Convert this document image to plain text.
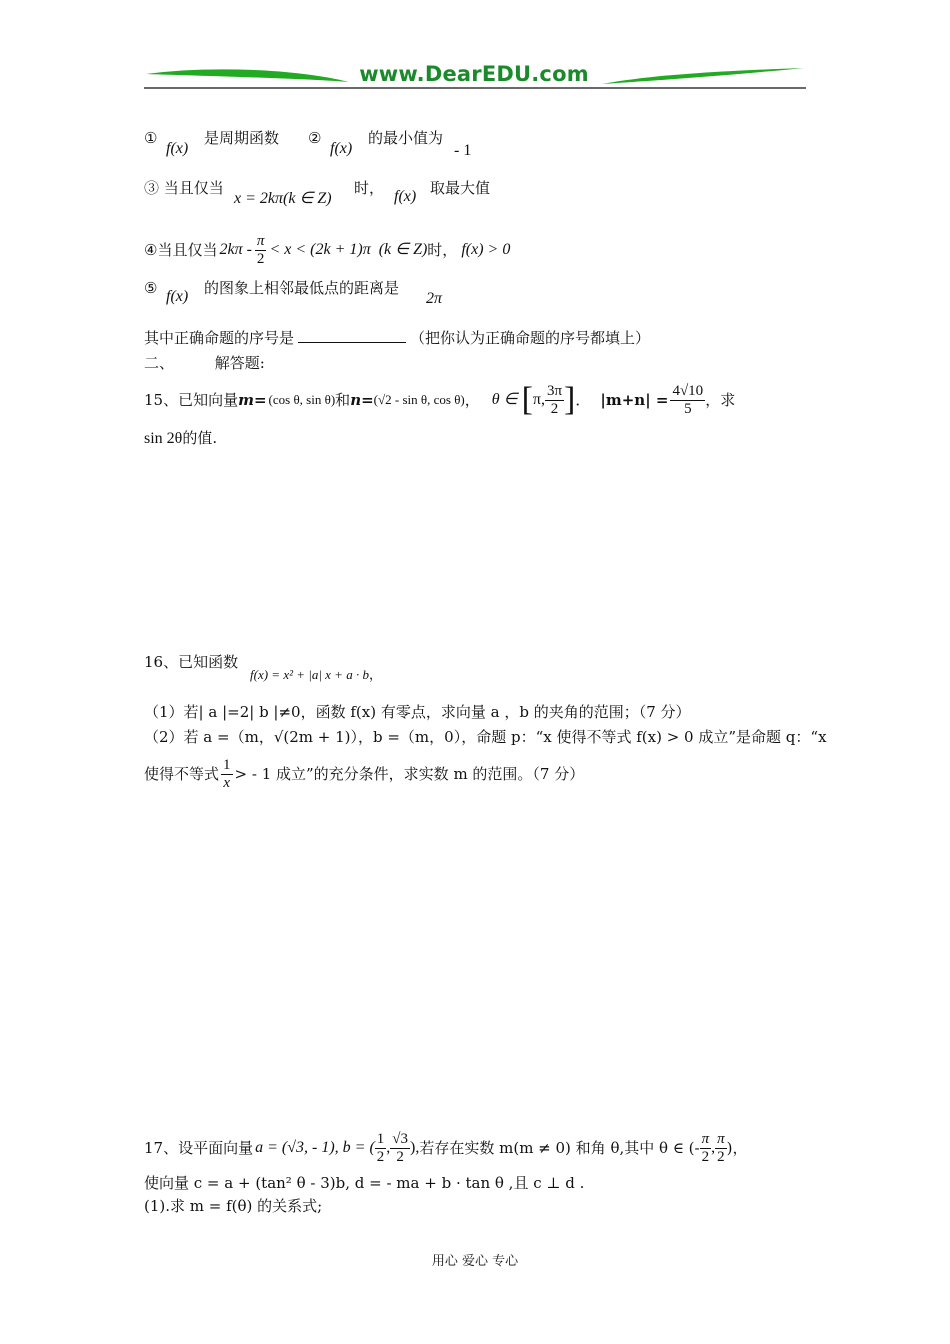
www.DearEDU.com
①
f(x)
是周期函数 ②
f(x)
的最小值为
- 1
③ 当且仅当
x = 2kπ(k ∈ Z)
时， f(x) 取最大值
④ 当且仅当 $2k\pi - \frac{\pi}{2} < x < (2k + 1)\pi$ (k ∈ Z) 时， f(x) > 0
⑤ f(x) 的图象上相邻最低点的距离是
2π
其中正确命题的序号是	（把你认为正确命题的序号都填上）
二、	解答题:
15、已知向量 m= (cos θ, sin θ) 和 n= (√2 - sin θ, cos θ) ， θ ∈ [ π, $\frac{3\pi}{2}$ ] ． $|m+n| = \frac{4√10}{5}$ ，求
sin 2θ的值.
16、已知函数
f(x) = x² + |a| x + a · b，
（1）若| a |=2| b |≠0，函数 f(x) 有零点，求向量 a ，b 的夹角的范围；（7 分）
（2）若 a =（m，√(2m + 1)），b =（m，0），命题 p：“x 使得不等式 f(x) > 0 成立”是命题 q：“x
使得不等式 $\frac{1}{x}$ > - 1 成立”的充分条件，求实数 m 的范围。（7 分）
17、设平面向量 a = (√3, - 1), b = ( $\frac{1}{2}$ , $\frac{√3}{2}$ ), 若存在实数 m(m ≠ 0) 和角 θ,其中 θ ∈ (- $\frac{\pi}{2}$ , $\frac{\pi}{2}$ )，
使向量 c = a + (tan² θ - 3)b, d = - ma + b · tan θ ,且 c ⊥ d .
(1).求 m = f(θ) 的关系式;
用心 爱心 专心
